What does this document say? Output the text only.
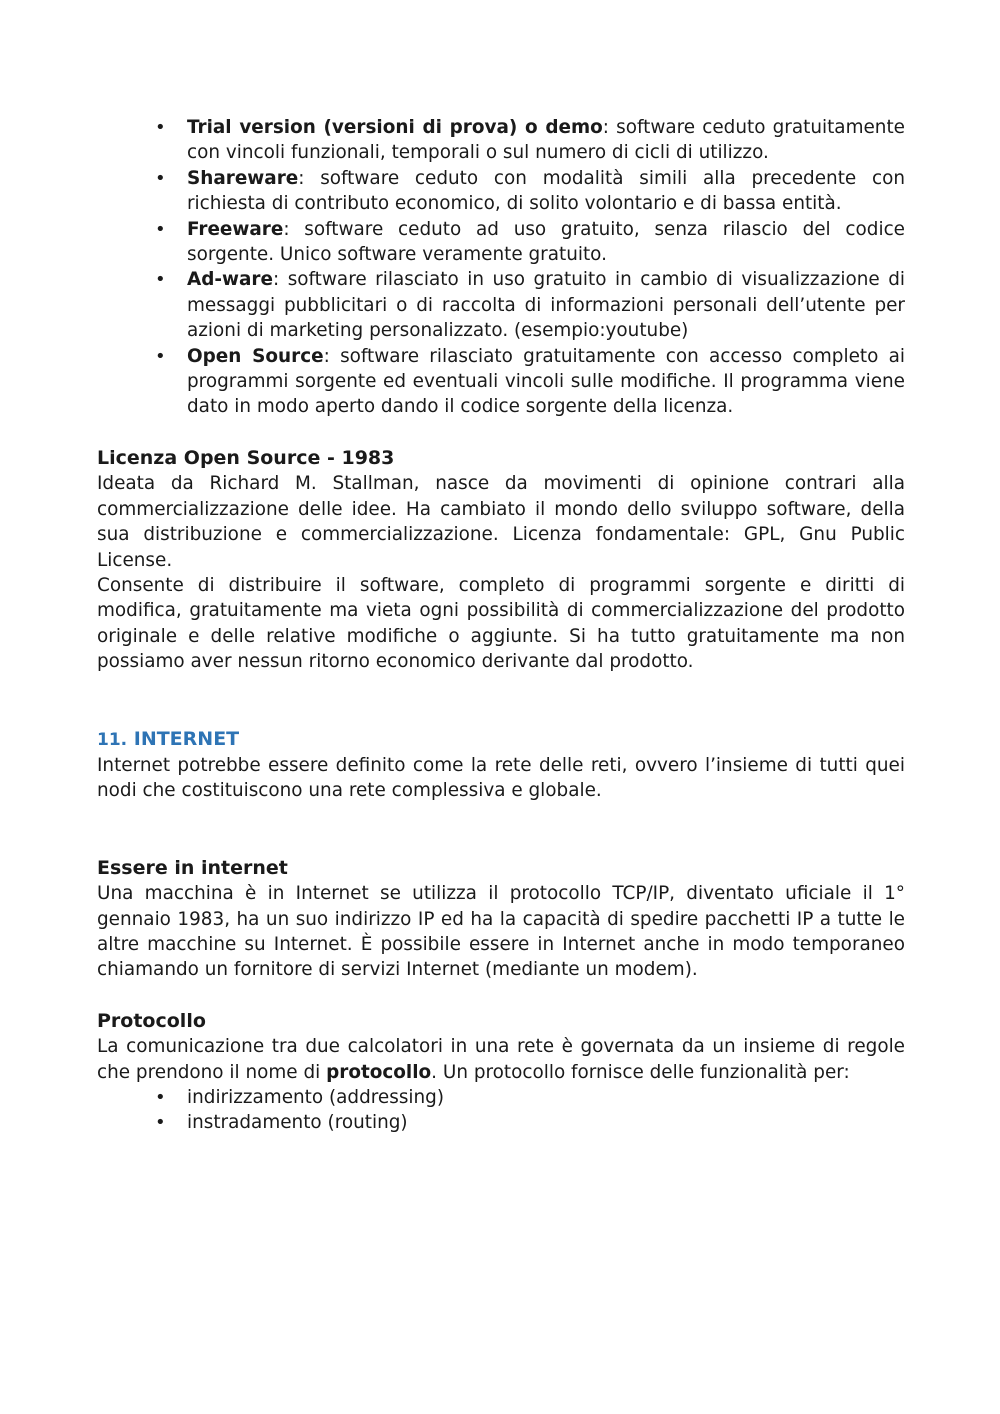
• Trial version (versioni di prova) o demo: software ceduto gratuitamente con vincoli funzionali, temporali o sul numero di cicli di utilizzo.
• Shareware: software ceduto con modalità simili alla precedente con richiesta di contributo economico, di solito volontario e di bassa entità.
• Freeware: software ceduto ad uso gratuito, senza rilascio del codice sorgente. Unico software veramente gratuito.
• Ad-ware: software rilasciato in uso gratuito in cambio di visualizzazione di messaggi pubblicitari o di raccolta di informazioni personali dell’utente per azioni di marketing personalizzato. (esempio:youtube)
• Open Source: software rilasciato gratuitamente con accesso completo ai programmi sorgente ed eventuali vincoli sulle modifiche. Il programma viene dato in modo aperto dando il codice sorgente della licenza.
Licenza Open Source - 1983

Ideata da Richard M. Stallman, nasce da movimenti di opinione contrari alla commercializzazione delle idee. Ha cambiato il mondo dello sviluppo software, della sua distribuzione e commercializzazione. Licenza fondamentale: GPL, Gnu Public License.

Consente di distribuire il software, completo di programmi sorgente e diritti di modifica, gratuitamente ma vieta ogni possibilità di commercializzazione del prodotto originale e delle relative modifiche o aggiunte. Si ha tutto gratuitamente ma non possiamo aver nessun ritorno economico derivante dal prodotto.

11. INTERNET

Internet potrebbe essere definito come la rete delle reti, ovvero l’insieme di tutti quei nodi che costituiscono una rete complessiva e globale.

Essere in internet

Una macchina è in Internet se utilizza il protocollo TCP/IP, diventato uﬁciale il 1° gennaio 1983, ha un suo indirizzo IP ed ha la capacità di spedire pacchetti IP a tutte le altre macchine su Internet. È possibile essere in Internet anche in modo temporaneo chiamando un fornitore di servizi Internet (mediante un modem).

Protocollo

La comunicazione tra due calcolatori in una rete è governata da un insieme di regole che prendono il nome di protocollo. Un protocollo fornisce delle funzionalità per:

• indirizzamento (addressing)
• instradamento (routing)
